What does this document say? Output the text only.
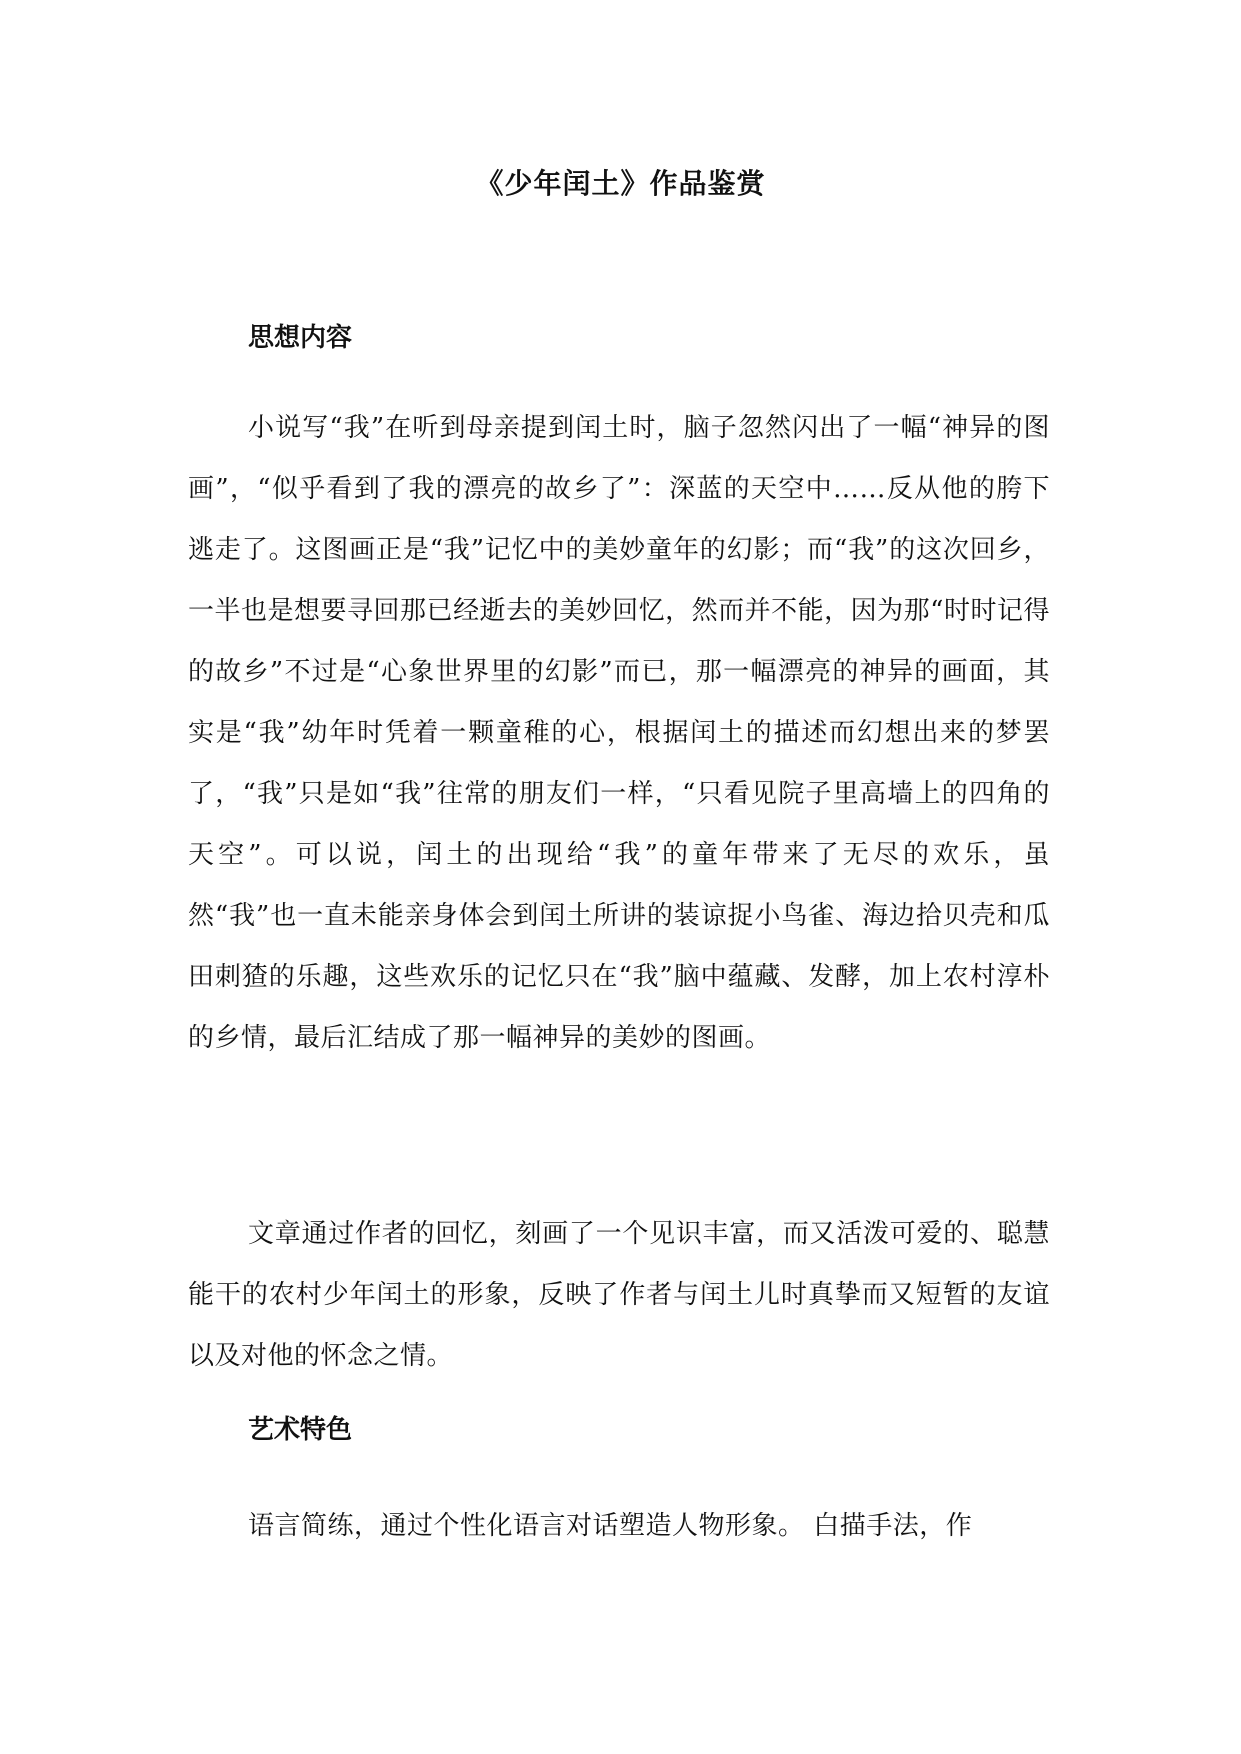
《少年闰土》作品鉴赏
思想内容

小说写“我”在听到母亲提到闰土时，脑子忽然闪出了一幅“神异的图画”，“似乎看到了我的漂亮的故乡了”：深蓝的天空中……反从他的胯下逃走了。这图画正是“我”记忆中的美妙童年的幻影；而“我”的这次回乡，一半也是想要寻回那已经逝去的美妙回忆，然而并不能，因为那“时时记得的故乡”不过是“心象世界里的幻影”而已，那一幅漂亮的神异的画面，其实是“我”幼年时凭着一颗童稚的心，根据闰土的描述而幻想出来的梦罢了，“我”只是如“我”往常的朋友们一样，“只看见院子里高墙上的四角的天空”。可以说，闰土的出现给“我”的童年带来了无尽的欢乐，虽然“我”也一直未能亲身体会到闰土所讲的装谅捉小鸟雀、海边拾贝壳和瓜田刺猹的乐趣，这些欢乐的记忆只在“我”脑中蕴藏、发酵，加上农村淳朴的乡情，最后汇结成了那一幅神异的美妙的图画。

文章通过作者的回忆，刻画了一个见识丰富，而又活泼可爱的、聪慧能干的农村少年闰土的形象，反映了作者与闰土儿时真挚而又短暂的友谊以及对他的怀念之情。

艺术特色

语言简练，通过个性化语言对话塑造人物形象。 白描手法，作
